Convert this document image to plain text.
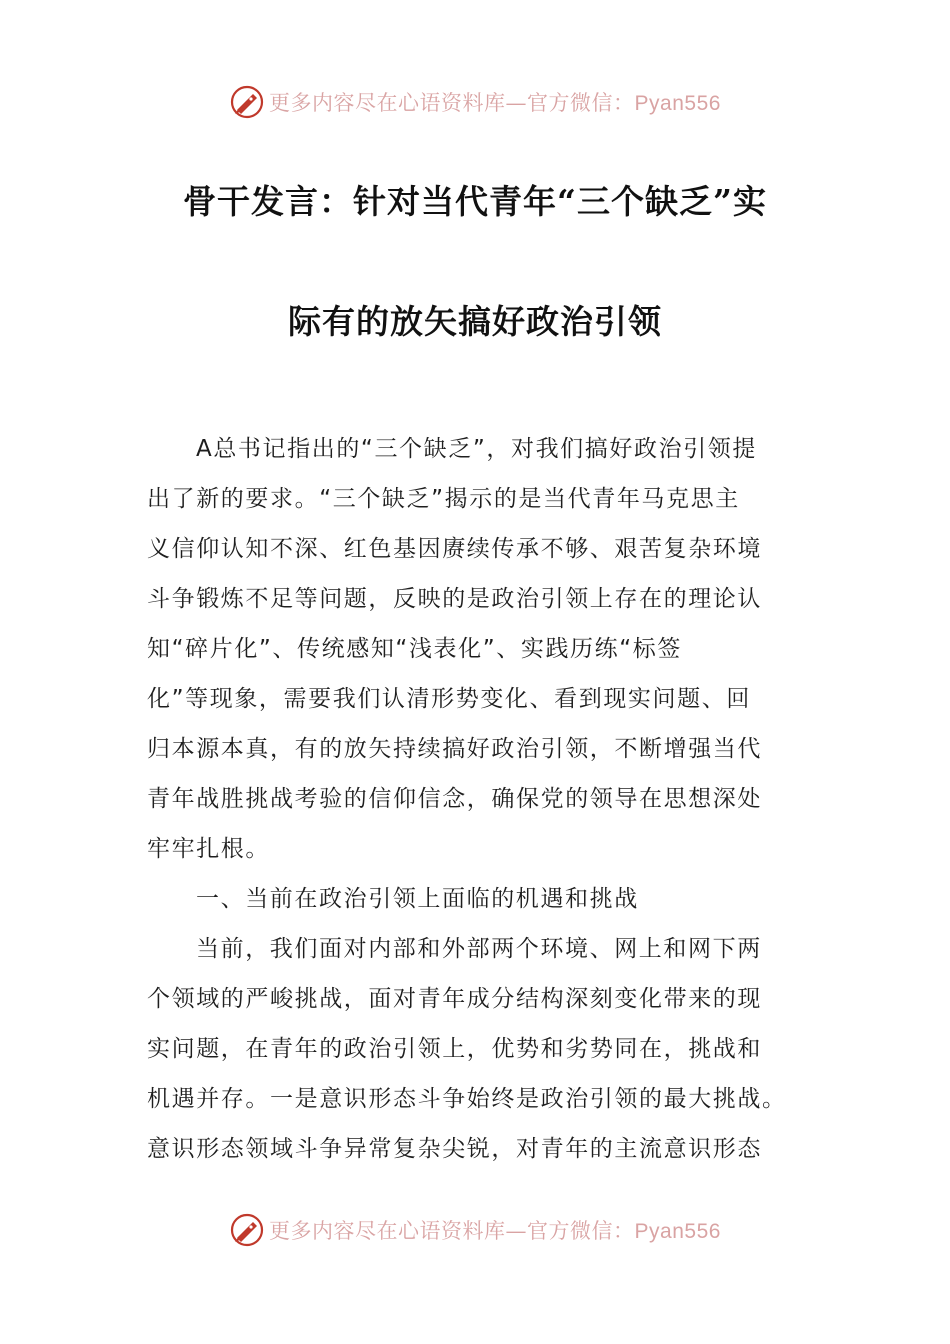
更多内容尽在心语资料库—官方微信：Pyan556
骨干发言：针对当代青年“三个缺乏”实
际有的放矢搞好政治引领
A总书记指出的“三个缺乏”，对我们搞好政治引领提
出了新的要求。“三个缺乏”揭示的是当代青年马克思主
义信仰认知不深、红色基因赓续传承不够、艰苦复杂环境
斗争锻炼不足等问题，反映的是政治引领上存在的理论认
知“碎片化”、传统感知“浅表化”、实践历练“标签
化”等现象，需要我们认清形势变化、看到现实问题、回
归本源本真，有的放矢持续搞好政治引领，不断增强当代
青年战胜挑战考验的信仰信念，确保党的领导在思想深处
牢牢扎根。
一、当前在政治引领上面临的机遇和挑战
当前，我们面对内部和外部两个环境、网上和网下两
个领域的严峻挑战，面对青年成分结构深刻变化带来的现
实问题，在青年的政治引领上，优势和劣势同在，挑战和
机遇并存。一是意识形态斗争始终是政治引领的最大挑战。
意识形态领域斗争异常复杂尖锐，对青年的主流意识形态
更多内容尽在心语资料库—官方微信：Pyan556
